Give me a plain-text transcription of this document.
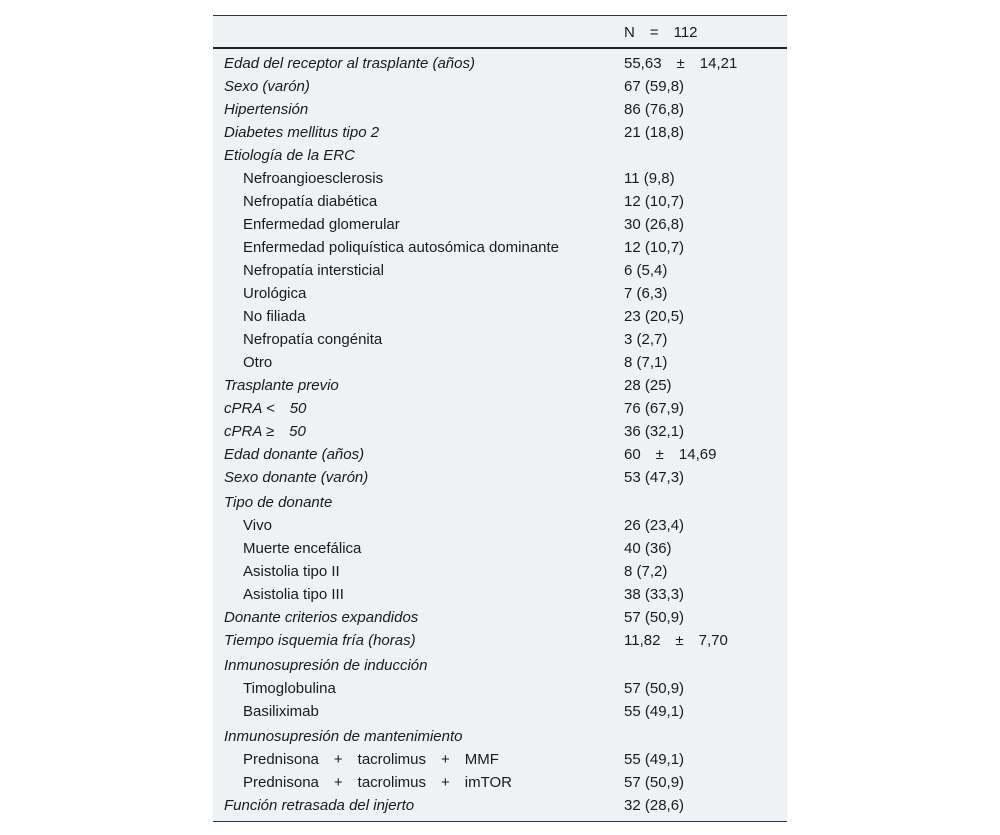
N = 112
Edad del receptor al trasplante (años)	55,63 ± 14,21
Sexo (varón)	67 (59,8)
Hipertensión	86 (76,8)
Diabetes mellitus tipo 2	21 (18,8)
Etiología de la ERC
Nefroangioesclerosis	11 (9,8)
Nefropatía diabética	12 (10,7)
Enfermedad glomerular	30 (26,8)
Enfermedad poliquística autosómica dominante	12 (10,7)
Nefropatía intersticial	6 (5,4)
Urológica	7 (6,3)
No filiada	23 (20,5)
Nefropatía congénita	3 (2,7)
Otro	8 (7,1)
Trasplante previo	28 (25)
cPRA < 50	76 (67,9)
cPRA ≥ 50	36 (32,1)
Edad donante (años)	60 ± 14,69
Sexo donante (varón)	53 (47,3)
Tipo de donante
Vivo	26 (23,4)
Muerte encefálica	40 (36)
Asistolia tipo II	8 (7,2)
Asistolia tipo III	38 (33,3)
Donante criterios expandidos	57 (50,9)
Tiempo isquemia fría (horas)	11,82 ± 7,70
Inmunosupresión de inducción
Timoglobulina	57 (50,9)
Basiliximab	55 (49,1)
Inmunosupresión de mantenimiento
Prednisona + tacrolimus + MMF	55 (49,1)
Prednisona + tacrolimus + imTOR	57 (50,9)
Función retrasada del injerto	32 (28,6)
